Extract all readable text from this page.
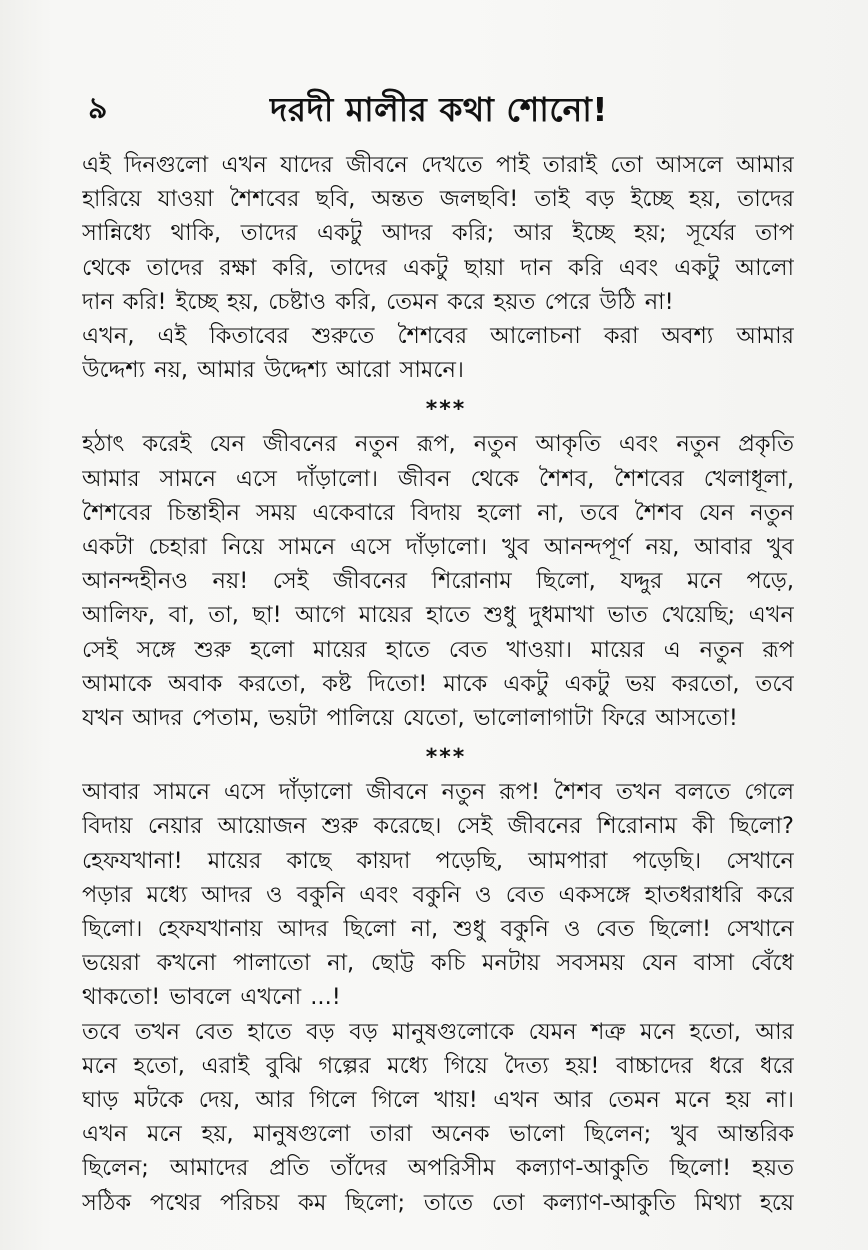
৯	দরদী মালীর কথা শোনো!
এই দিনগুলো এখন যাদের জীবনে দেখতে পাই তারাই তো আসলে আমার
হারিয়ে যাওয়া শৈশবের ছবি, অন্তত জলছবি! তাই বড় ইচ্ছে হয়, তাদের
সান্নিধ্যে থাকি, তাদের একটু আদর করি; আর ইচ্ছে হয়; সূর্যের তাপ
থেকে তাদের রক্ষা করি, তাদের একটু ছায়া দান করি এবং একটু আলো
দান করি! ইচ্ছে হয়, চেষ্টাও করি, তেমন করে হয়ত পেরে উঠি না!
এখন, এই কিতাবের শুরুতে শৈশবের আলোচনা করা অবশ্য আমার
উদ্দেশ্য নয়, আমার উদ্দেশ্য আরো সামনে।
***
হঠাৎ করেই যেন জীবনের নতুন রূপ, নতুন আকৃতি এবং নতুন প্রকৃতি
আমার সামনে এসে দাঁড়ালো। জীবন থেকে শৈশব, শৈশবের খেলাধূলা,
শৈশবের চিন্তাহীন সময় একেবারে বিদায় হলো না, তবে শৈশব যেন নতুন
একটা চেহারা নিয়ে সামনে এসে দাঁড়ালো। খুব আনন্দপূর্ণ নয়, আবার খুব
আনন্দহীনও নয়! সেই জীবনের শিরোনাম ছিলো, যদ্দুর মনে পড়ে,
আলিফ, বা, তা, ছা! আগে মায়ের হাতে শুধু দুধমাখা ভাত খেয়েছি; এখন
সেই সঙ্গে শুরু হলো মায়ের হাতে বেত খাওয়া। মায়ের এ নতুন রূপ
আমাকে অবাক করতো, কষ্ট দিতো! মাকে একটু একটু ভয় করতো, তবে
যখন আদর পেতাম, ভয়টা পালিয়ে যেতো, ভালোলাগাটা ফিরে আসতো!
***
আবার সামনে এসে দাঁড়ালো জীবনে নতুন রূপ! শৈশব তখন বলতে গেলে
বিদায় নেয়ার আয়োজন শুরু করেছে। সেই জীবনের শিরোনাম কী ছিলো?
হেফযখানা! মায়ের কাছে কায়দা পড়েছি, আমপারা পড়েছি। সেখানে
পড়ার মধ্যে আদর ও বকুনি এবং বকুনি ও বেত একসঙ্গে হাতধরাধরি করে
ছিলো। হেফযখানায় আদর ছিলো না, শুধু বকুনি ও বেত ছিলো! সেখানে
ভয়েরা কখনো পালাতো না, ছোট্ট কচি মনটায় সবসময় যেন বাসা বেঁধে
থাকতো! ভাবলে এখনো ...!
তবে তখন বেত হাতে বড় বড় মানুষগুলোকে যেমন শত্রু মনে হতো, আর
মনে হতো, এরাই বুঝি গল্পের মধ্যে গিয়ে দৈত্য হয়! বাচ্চাদের ধরে ধরে
ঘাড় মটকে দেয়, আর গিলে গিলে খায়! এখন আর তেমন মনে হয় না।
এখন মনে হয়, মানুষগুলো তারা অনেক ভালো ছিলেন; খুব আন্তরিক
ছিলেন; আমাদের প্রতি তাঁদের অপরিসীম কল্যাণ-আকুতি ছিলো! হয়ত
সঠিক পথের পরিচয় কম ছিলো; তাতে তো কল্যাণ-আকুতি মিথ্যা হয়ে
